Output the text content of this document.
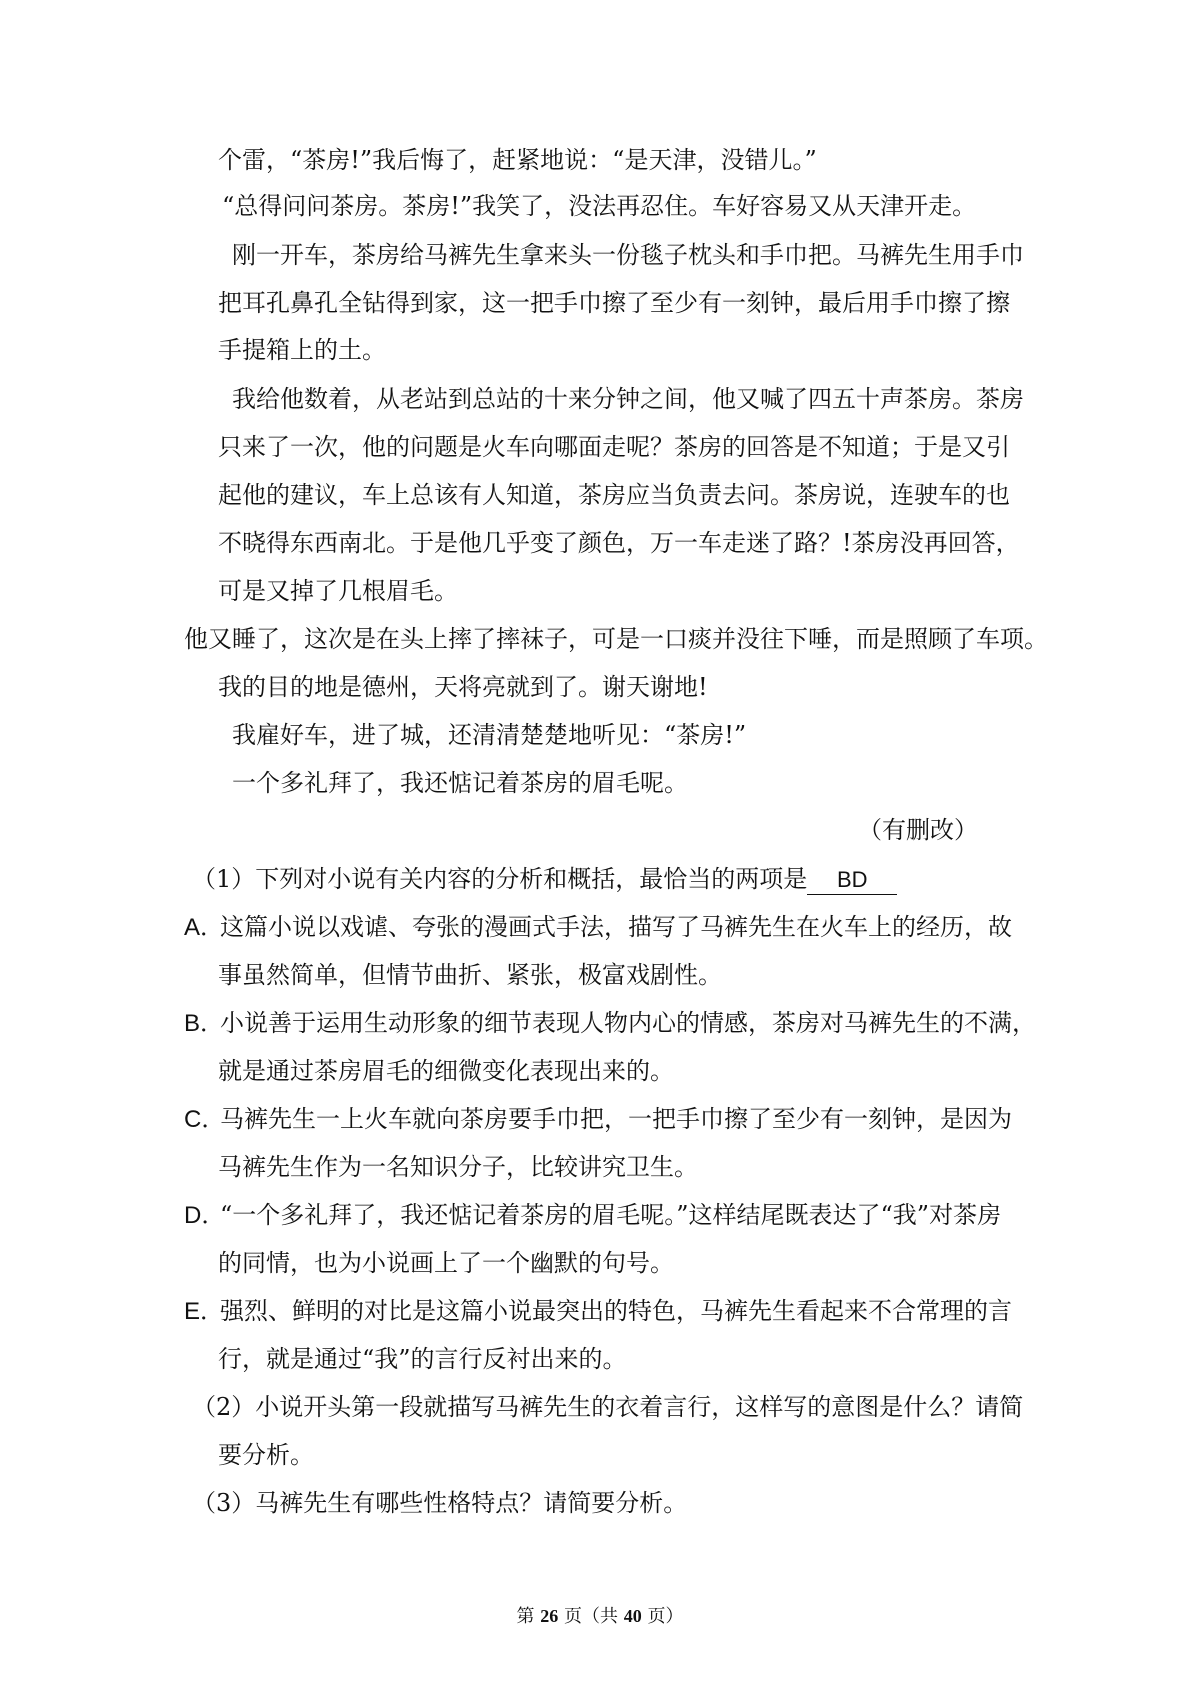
个雷，“茶房!”我后悔了，赶紧地说：“是天津，没错儿。”
“总得问问茶房。茶房!”我笑了，没法再忍住。车好容易又从天津开走。
刚一开车，茶房给马裤先生拿来头一份毯子枕头和手巾把。马裤先生用手巾
把耳孔鼻孔全钻得到家，这一把手巾擦了至少有一刻钟，最后用手巾擦了擦
手提箱上的土。
我给他数着，从老站到总站的十来分钟之间，他又喊了四五十声茶房。茶房
只来了一次，他的问题是火车向哪面走呢？茶房的回答是不知道；于是又引
起他的建议，车上总该有人知道，茶房应当负责去问。茶房说，连驶车的也
不晓得东西南北。于是他几乎变了颜色，万一车走迷了路？!茶房没再回答，
可是又掉了几根眉毛。
他又睡了，这次是在头上摔了摔袜子，可是一口痰并没往下唾，而是照顾了车项。
我的目的地是德州，天将亮就到了。谢天谢地!
我雇好车，进了城，还清清楚楚地听见：“茶房!”
一个多礼拜了，我还惦记着茶房的眉毛呢。
（有删改）
（1）下列对小说有关内容的分析和概括，最恰当的两项是 BD
A．这篇小说以戏谑、夸张的漫画式手法，描写了马裤先生在火车上的经历，故
事虽然简单，但情节曲折、紧张，极富戏剧性。
B．小说善于运用生动形象的细节表现人物内心的情感，茶房对马裤先生的不满，
就是通过茶房眉毛的细微变化表现出来的。
C．马裤先生一上火车就向茶房要手巾把，一把手巾擦了至少有一刻钟，是因为
马裤先生作为一名知识分子，比较讲究卫生。
D．“一个多礼拜了，我还惦记着茶房的眉毛呢。”这样结尾既表达了“我”对茶房
的同情，也为小说画上了一个幽默的句号。
E．强烈、鲜明的对比是这篇小说最突出的特色，马裤先生看起来不合常理的言
行，就是通过“我”的言行反衬出来的。
（2）小说开头第一段就描写马裤先生的衣着言行，这样写的意图是什么？请简
要分析。
（3）马裤先生有哪些性格特点？请简要分析。
第 26 页（共 40 页）
